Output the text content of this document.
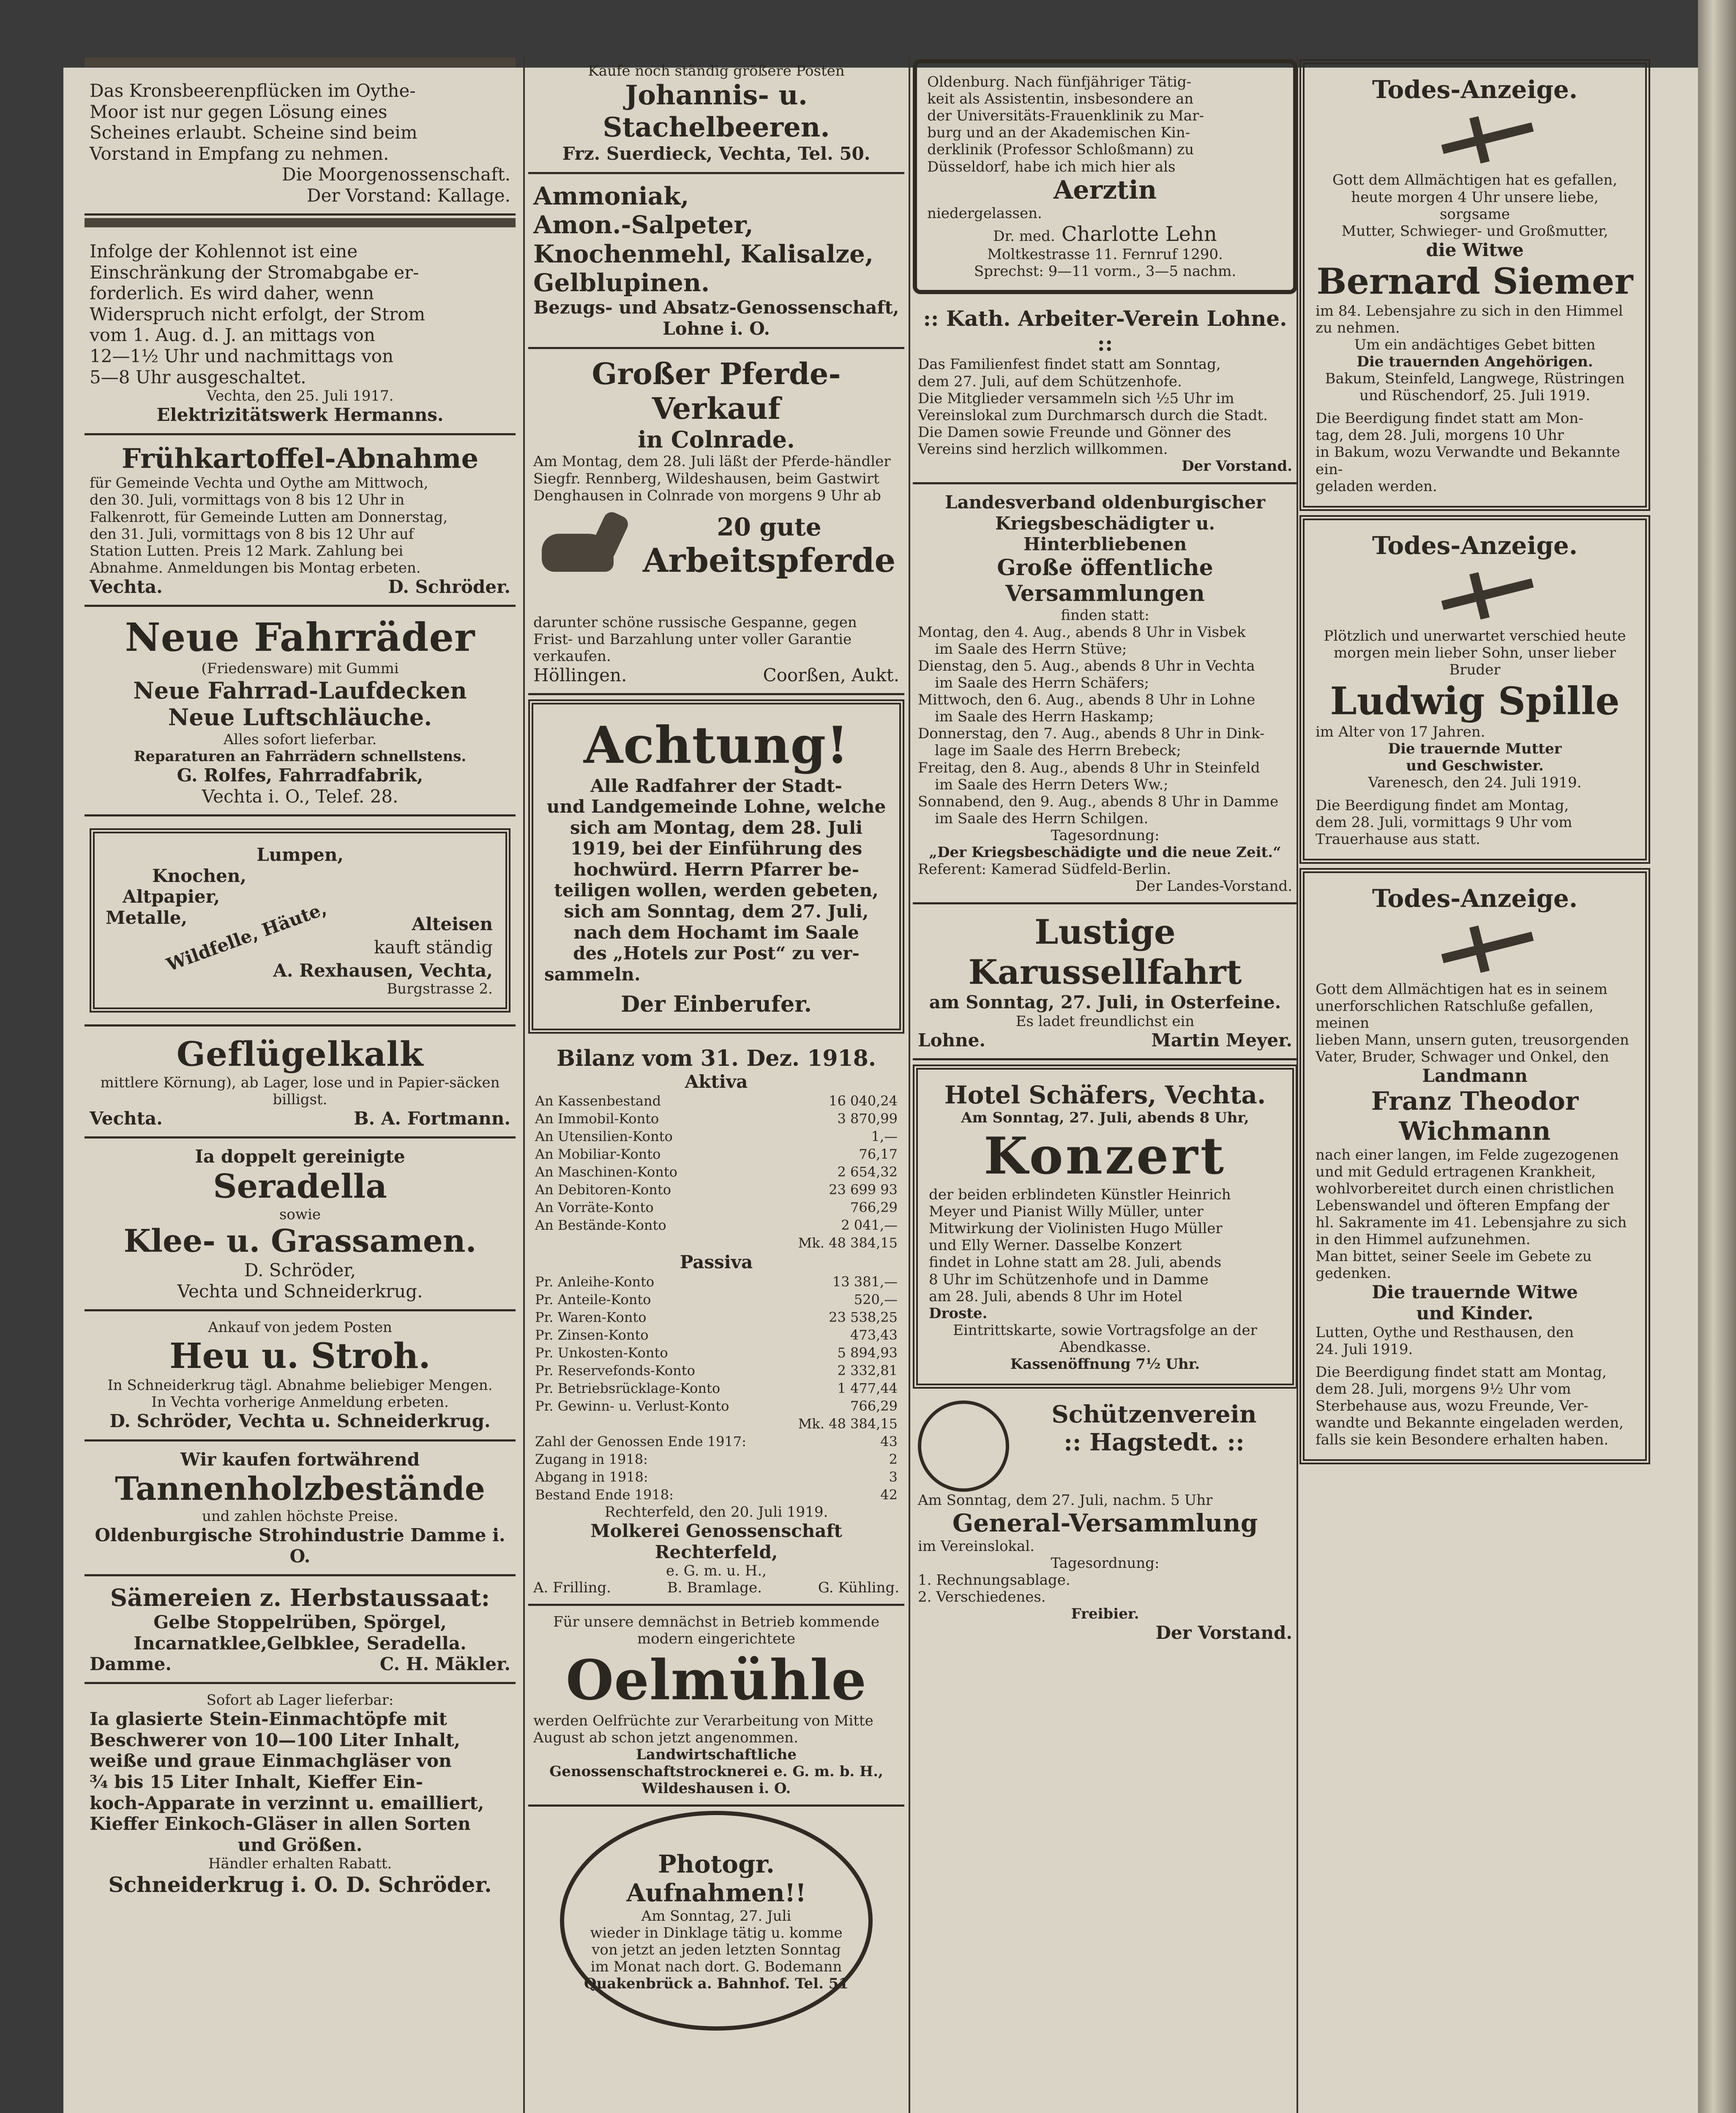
Das Kronsbeerenpflücken im Oythe-

Moor ist nur gegen Lösung eines

Scheines erlaubt. Scheine sind beim

Vorstand in Empfang zu nehmen.

Die Moorgenossenschaft.

Der Vorstand: Kallage.

Infolge der Kohlennot ist eine

Einschränkung der Stromabgabe er-

forderlich. Es wird daher, wenn

Widerspruch nicht erfolgt, der Strom

vom 1. Aug. d. J. an mittags von

12—1½ Uhr und nachmittags von

5—8 Uhr ausgeschaltet.

Vechta, den 25. Juli 1917.

Elektrizitätswerk Hermanns.

Frühkartoffel-Abnahme

für Gemeinde Vechta und Oythe am Mittwoch,

den 30. Juli, vormittags von 8 bis 12 Uhr in

Falkenrott, für Gemeinde Lutten am Donnerstag,

den 31. Juli, vormittags von 8 bis 12 Uhr auf

Station Lutten. Preis 12 Mark. Zahlung bei

Abnahme. Anmeldungen bis Montag erbeten.

Vechta.	D. Schröder.

Neue Fahrräder

(Friedensware) mit Gummi

Neue Fahrrad-Laufdecken

Neue Luftschläuche.

Alles sofort lieferbar.

Reparaturen an Fahrrädern schnellstens.

G. Rolfes, Fahrradfabrik,

Vechta i. O., Telef. 28.

Lumpen,

Knochen,

Altpapier,

Metalle,

Wildfelle, Häute,	Alteisen

kauft ständig

A. Rexhausen, Vechta,

Burgstrasse 2.

Geflügelkalk

mittlere Körnung), ab Lager, lose und in Papier-säcken billigst.

Vechta.	B. A. Fortmann.

Ia doppelt gereinigte

Seradella

sowie

Klee- u. Grassamen.

D. Schröder,

Vechta und Schneiderkrug.

Ankauf von jedem Posten

Heu u. Stroh.

In Schneiderkrug tägl. Abnahme beliebiger Mengen.

In Vechta vorherige Anmeldung erbeten.

D. Schröder, Vechta u. Schneiderkrug.

Wir kaufen fortwährend

Tannenholzbestände

und zahlen höchste Preise.

Oldenburgische Strohindustrie Damme i. O.

Sämereien z. Herbstaussaat:

Gelbe Stoppelrüben, Spörgel,

Incarnatklee,Gelbklee, Seradella.

Damme.	C. H. Mäkler.

Sofort ab Lager lieferbar:

Ia glasierte Stein-Einmachtöpfe mit

Beschwerer von 10—100 Liter Inhalt,

weiße und graue Einmachgläser von

¾ bis 15 Liter Inhalt, Kieffer Ein-

koch-Apparate in verzinnt u. emailliert,

Kieffer Einkoch-Gläser in allen Sorten

und Größen.

Händler erhalten Rabatt.

Schneiderkrug i. O. D. Schröder.

Kaufe noch ständig größere Posten

Johannis- u. Stachelbeeren.

Frz. Suerdieck, Vechta, Tel. 50.

Ammoniak,

Amon.-Salpeter,

Knochenmehl, Kalisalze,

Gelblupinen.

Bezugs- und Absatz-Genossenschaft,

Lohne i. O.

Großer Pferde-Verkauf

in Colnrade.

Am Montag, dem 28. Juli läßt der Pferde-händler Siegfr. Rennberg, Wildeshausen, beim Gastwirt Denghausen in Colnrade von morgens 9 Uhr ab

20 gute

Arbeitspferde

darunter schöne russische Gespanne, gegen Frist- und Barzahlung unter voller Garantie verkaufen.

Höllingen.	Coorßen, Aukt.

Achtung!

Alle Radfahrer der Stadt-

und Landgemeinde Lohne, welche

sich am Montag, dem 28. Juli

1919, bei der Einführung des

hochwürd. Herrn Pfarrer be-

teiligen wollen, werden gebeten,

sich am Sonntag, dem 27. Juli,

nach dem Hochamt im Saale

des „Hotels zur Post“ zu ver-

sammeln.

Der Einberufer.

Bilanz vom 31. Dez. 1918.

Aktiva

An Kassenbestand	16 040,24
An Immobil-Konto	3 870,99
An Utensilien-Konto	1,—
An Mobiliar-Konto	76,17
An Maschinen-Konto	2 654,32
An Debitoren-Konto	23 699 93
An Vorräte-Konto	766,29
An Bestände-Konto	2 041,—
	Mk. 48 384,15

Passiva

Pr. Anleihe-Konto	13 381,—
Pr. Anteile-Konto	520,—
Pr. Waren-Konto	23 538,25
Pr. Zinsen-Konto	473,43
Pr. Unkosten-Konto	5 894,93
Pr. Reservefonds-Konto	2 332,81
Pr. Betriebsrücklage-Konto	1 477,44
Pr. Gewinn- u. Verlust-Konto	766,29
	Mk. 48 384,15
Zahl der Genossen Ende 1917:	43
Zugang in 1918:	2
Abgang in 1918:	3
Bestand Ende 1918:	42

Rechterfeld, den 20. Juli 1919.

Molkerei Genossenschaft Rechterfeld,

e. G. m. u. H.,

A. Frilling.	B. Bramlage.	G. Kühling.

Für unsere demnächst in Betrieb kommende modern eingerichtete

Oelmühle

werden Oelfrüchte zur Verarbeitung von Mitte August ab schon jetzt angenommen.

Landwirtschaftliche Genossenschaftstrocknerei e. G. m. b. H., Wildeshausen i. O.

Photogr. Aufnahmen!!

Am Sonntag, 27. Juli

wieder in Dinklage tätig u. komme

von jetzt an jeden letzten Sonntag

im Monat nach dort. G. Bodemann

Quakenbrück a. Bahnhof. Tel. 51

Oldenburg. Nach fünfjähriger Tätig-

keit als Assistentin, insbesondere an

der Universitäts-Frauenklinik zu Mar-

burg und an der Akademischen Kin-

derklinik (Professor Schloßmann) zu

Düsseldorf, habe ich mich hier als

Aerztin

niedergelassen.

Dr. med. Charlotte Lehn

Moltkestrasse 11. Fernruf 1290.

Sprechst: 9—11 vorm., 3—5 nachm.

:: Kath. Arbeiter-Verein Lohne. ::

Das Familienfest findet statt am Sonntag,

dem 27. Juli, auf dem Schützenhofe.

Die Mitglieder versammeln sich ½5 Uhr im

Vereinslokal zum Durchmarsch durch die Stadt.

Die Damen sowie Freunde und Gönner des

Vereins sind herzlich willkommen.

Der Vorstand.

Landesverband oldenburgischer

Kriegsbeschädigter u. Hinterbliebenen

Große öffentliche Versammlungen

finden statt:

Montag, den 4. Aug., abends 8 Uhr in Visbek

im Saale des Herrn Stüve;

Dienstag, den 5. Aug., abends 8 Uhr in Vechta

im Saale des Herrn Schäfers;

Mittwoch, den 6. Aug., abends 8 Uhr in Lohne

im Saale des Herrn Haskamp;

Donnerstag, den 7. Aug., abends 8 Uhr in Dink-

lage im Saale des Herrn Brebeck;

Freitag, den 8. Aug., abends 8 Uhr in Steinfeld

im Saale des Herrn Deters Ww.;

Sonnabend, den 9. Aug., abends 8 Uhr in Damme

im Saale des Herrn Schilgen.

Tagesordnung:

„Der Kriegsbeschädigte und die neue Zeit.“

Referent: Kamerad Südfeld-Berlin.

Der Landes-Vorstand.

Lustige Karussellfahrt

am Sonntag, 27. Juli, in Osterfeine.

Es ladet freundlichst ein

Lohne.	Martin Meyer.

Hotel Schäfers, Vechta.

Am Sonntag, 27. Juli, abends 8 Uhr,

Konzert

der beiden erblindeten Künstler Heinrich

Meyer und Pianist Willy Müller, unter

Mitwirkung der Violinisten Hugo Müller

und Elly Werner. Dasselbe Konzert

findet in Lohne statt am 28. Juli, abends

8 Uhr im Schützenhofe und in Damme

am 28. Juli, abends 8 Uhr im Hotel

Droste.

Eintrittskarte, sowie Vortragsfolge an der Abendkasse.

Kassenöffnung 7½ Uhr.

Schützenverein

:: Hagstedt. ::

Am Sonntag, dem 27. Juli, nachm. 5 Uhr

General-Versammlung

im Vereinslokal.

Tagesordnung:

1. Rechnungsablage.

2. Verschiedenes.

Freibier.

Der Vorstand.

Todes-Anzeige.

Gott dem Allmächtigen hat es gefallen,

heute morgen 4 Uhr unsere liebe, sorgsame

Mutter, Schwieger- und Großmutter,

die Witwe

Bernard Siemer

im 84. Lebensjahre zu sich in den Himmel

zu nehmen.

Um ein andächtiges Gebet bitten

Die trauernden Angehörigen.

Bakum, Steinfeld, Langwege, Rüstringen

und Rüschendorf, 25. Juli 1919.

Die Beerdigung findet statt am Mon-

tag, dem 28. Juli, morgens 10 Uhr

in Bakum, wozu Verwandte und Bekannte ein-

geladen werden.

Todes-Anzeige.

Plötzlich und unerwartet verschied heute

morgen mein lieber Sohn, unser lieber Bruder

Ludwig Spille

im Alter von 17 Jahren.

Die trauernde Mutter

und Geschwister.

Varenesch, den 24. Juli 1919.

Die Beerdigung findet am Montag,

dem 28. Juli, vormittags 9 Uhr vom

Trauerhause aus statt.

Todes-Anzeige.

Gott dem Allmächtigen hat es in seinem

unerforschlichen Ratschluße gefallen, meinen

lieben Mann, unsern guten, treusorgenden

Vater, Bruder, Schwager und Onkel, den

Landmann

Franz Theodor Wichmann

nach einer langen, im Felde zugezogenen

und mit Geduld ertragenen Krankheit,

wohlvorbereitet durch einen christlichen

Lebenswandel und öfteren Empfang der

hl. Sakramente im 41. Lebensjahre zu sich

in den Himmel aufzunehmen.

Man bittet, seiner Seele im Gebete zu

gedenken.

Die trauernde Witwe

und Kinder.

Lutten, Oythe und Resthausen, den

24. Juli 1919.

Die Beerdigung findet statt am Montag,

dem 28. Juli, morgens 9½ Uhr vom

Sterbehause aus, wozu Freunde, Ver-

wandte und Bekannte eingeladen werden,

falls sie kein Besondere erhalten haben.
